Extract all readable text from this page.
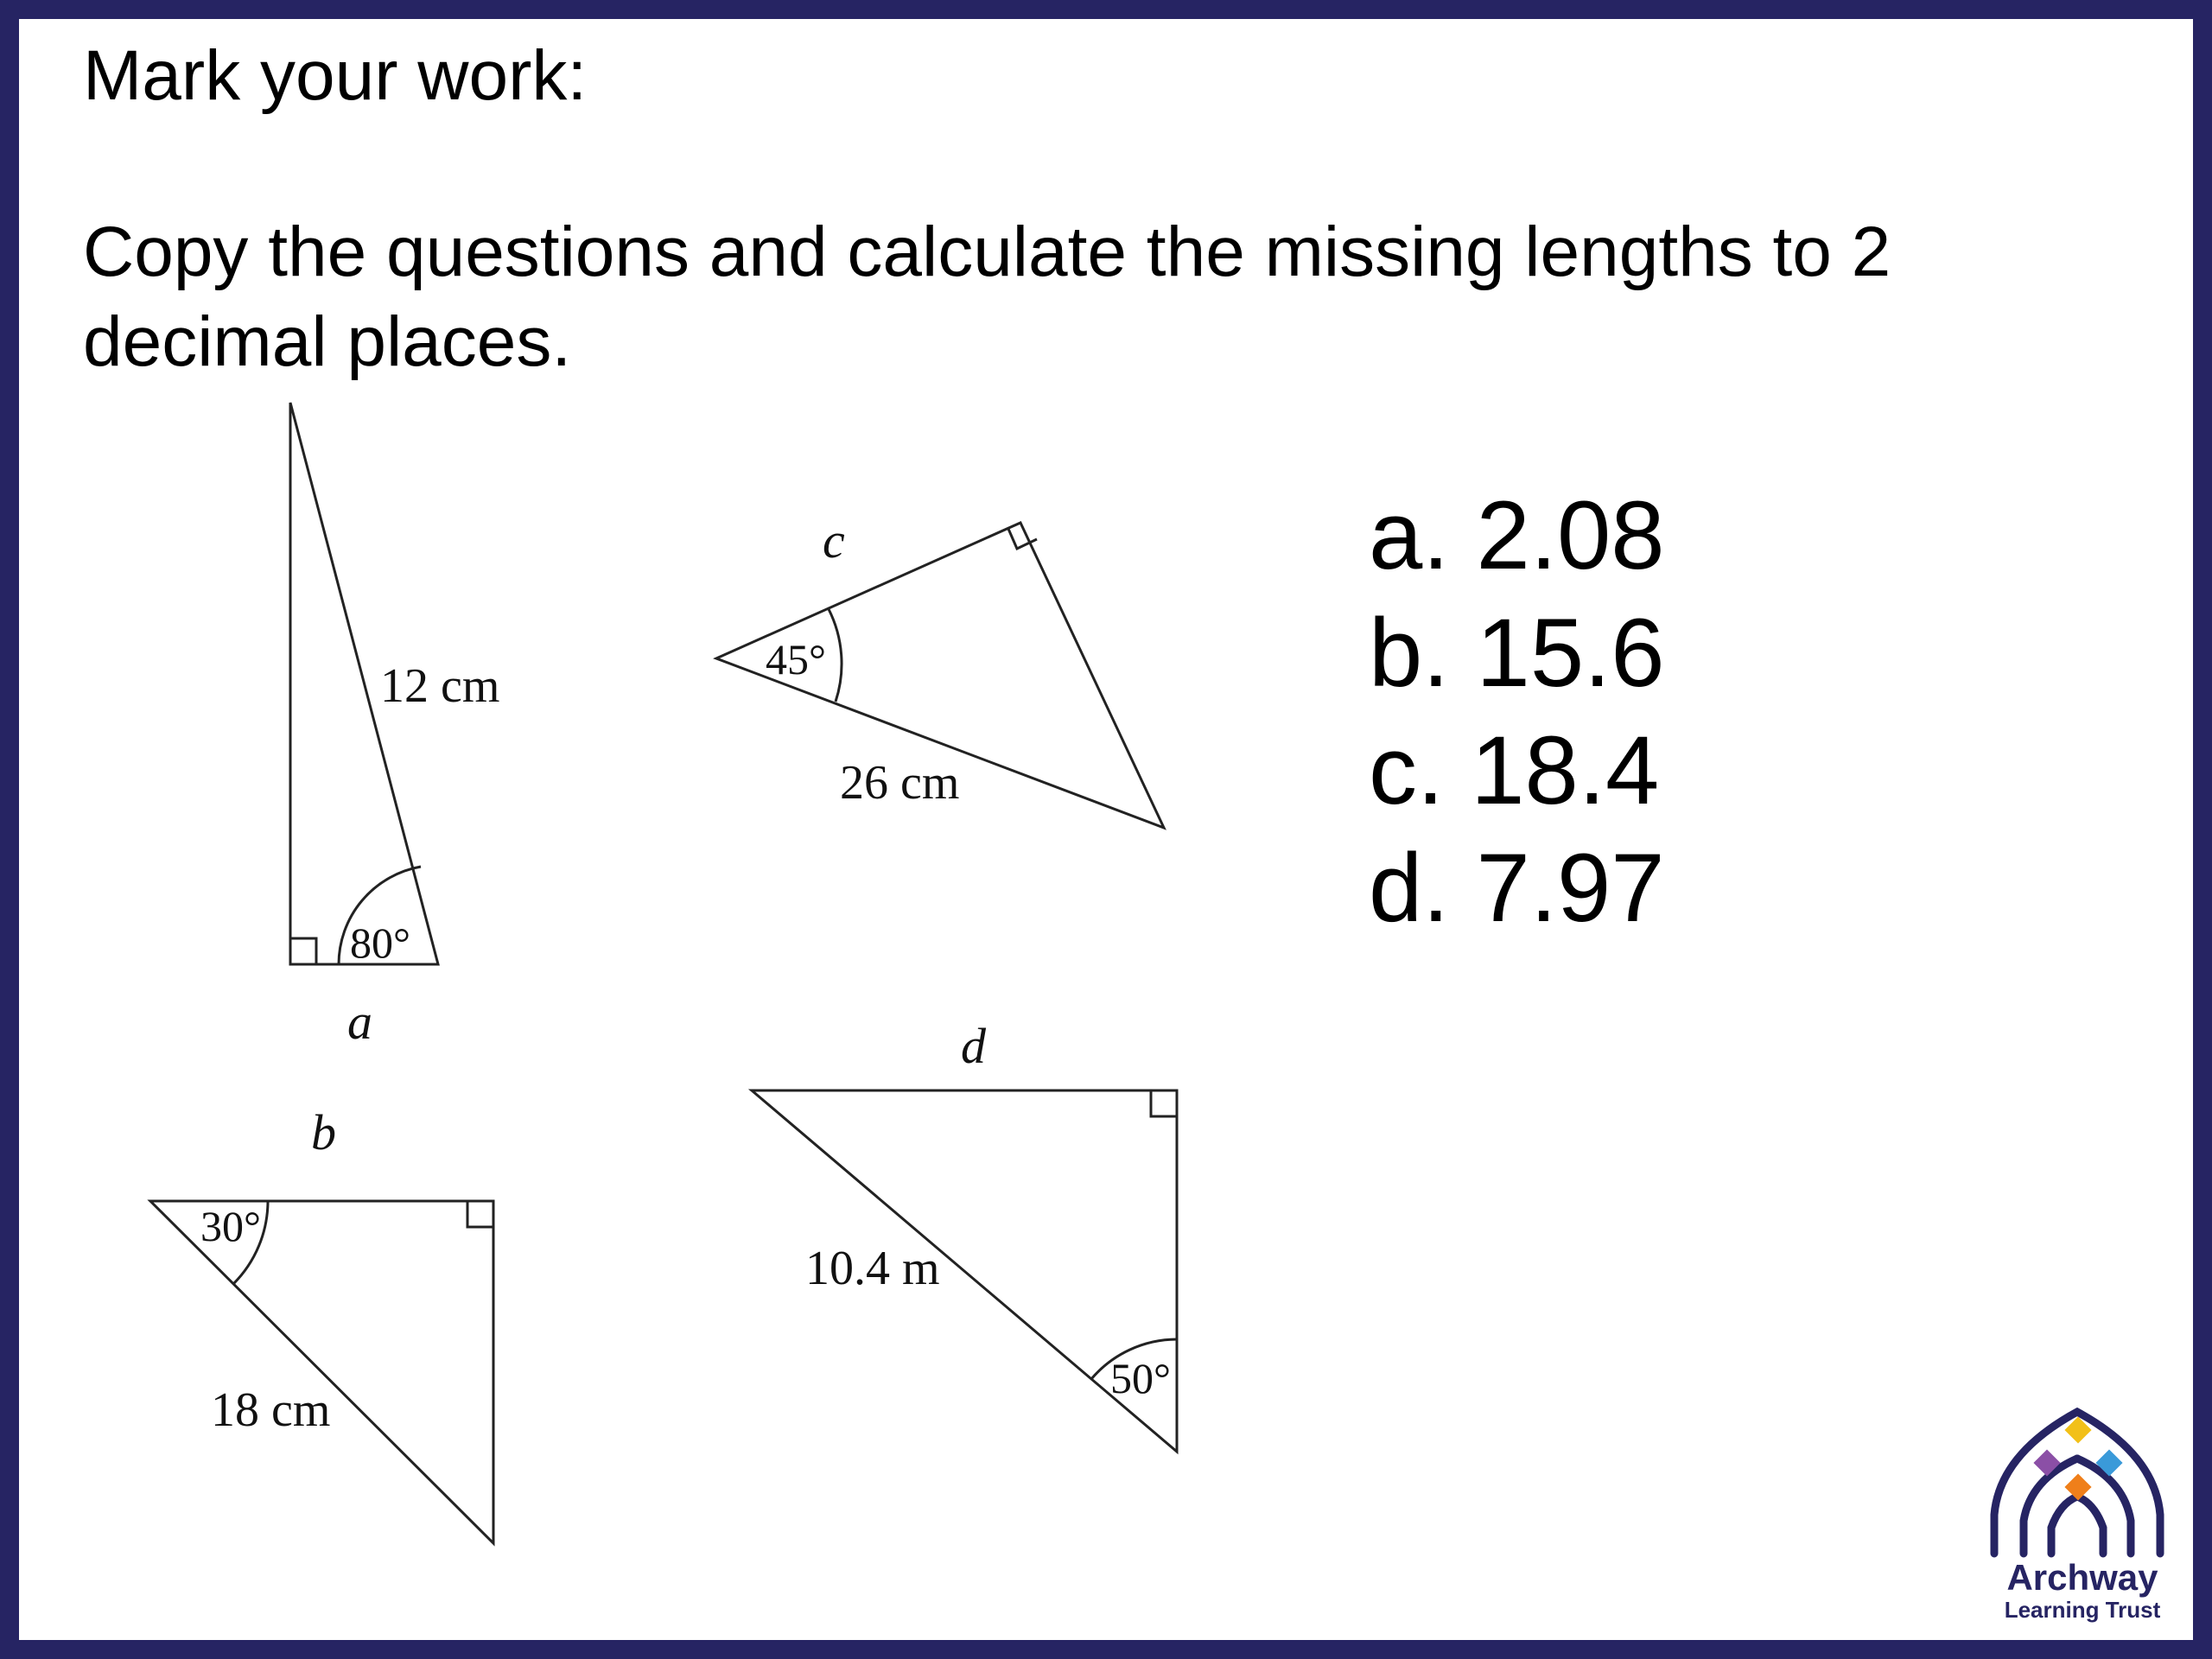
Mark your work:
Copy the questions and calculate the missing lengths to 2 decimal places.
a. 2.08
b. 15.6
c. 18.4
d. 7.97
12 cm
80°
a
c
45°
26 cm
b
30°
18 cm
d
10.4 m
50°
Archway
Learning Trust
